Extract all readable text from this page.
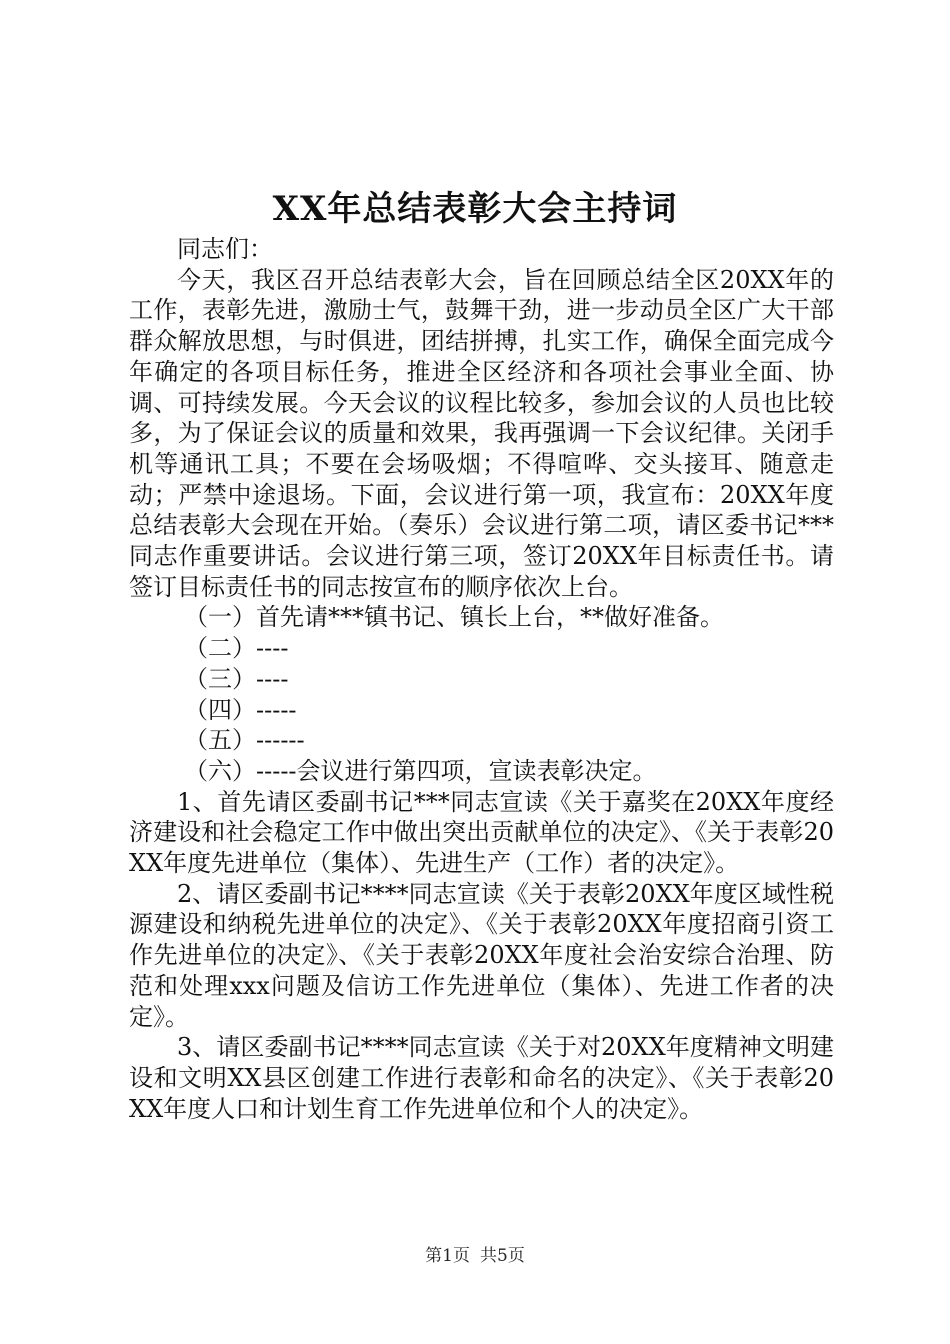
XX年总结表彰大会主持词

同志们：

今天，我区召开总结表彰大会，旨在回顾总结全区20XX年的工作，表彰先进，激励士气，鼓舞干劲，进一步动员全区广大干部群众解放思想，与时俱进，团结拼搏，扎实工作，确保全面完成今年确定的各项目标任务，推进全区经济和各项社会事业全面、协调、可持续发展。今天会议的议程比较多，参加会议的人员也比较多，为了保证会议的质量和效果，我再强调一下会议纪律。关闭手机等通讯工具；不要在会场吸烟；不得喧哗、交头接耳、随意走动；严禁中途退场。下面，会议进行第一项，我宣布：20XX年度总结表彰大会现在开始。（奏乐）会议进行第二项，请区委书记***同志作重要讲话。会议进行第三项，签订20XX年目标责任书。请签订目标责任书的同志按宣布的顺序依次上台。

（一）首先请***镇书记、镇长上台，**做好准备。

（二）----

（三）----

（四）-----

（五）------

（六）-----会议进行第四项，宣读表彰决定。

1、首先请区委副书记***同志宣读《关于嘉奖在20XX年度经济建设和社会稳定工作中做出突出贡献单位的决定》、《关于表彰20XX年度先进单位（集体）、先进生产（工作）者的决定》。

2、请区委副书记****同志宣读《关于表彰20XX年度区域性税源建设和纳税先进单位的决定》、《关于表彰20XX年度招商引资工作先进单位的决定》、《关于表彰20XX年度社会治安综合治理、防范和处理xxx问题及信访工作先进单位（集体）、先进工作者的决定》。

3、请区委副书记****同志宣读《关于对20XX年度精神文明建设和文明XX县区创建工作进行表彰和命名的决定》、《关于表彰20XX年度人口和计划生育工作先进单位和个人的决定》。

第1页 共5页
